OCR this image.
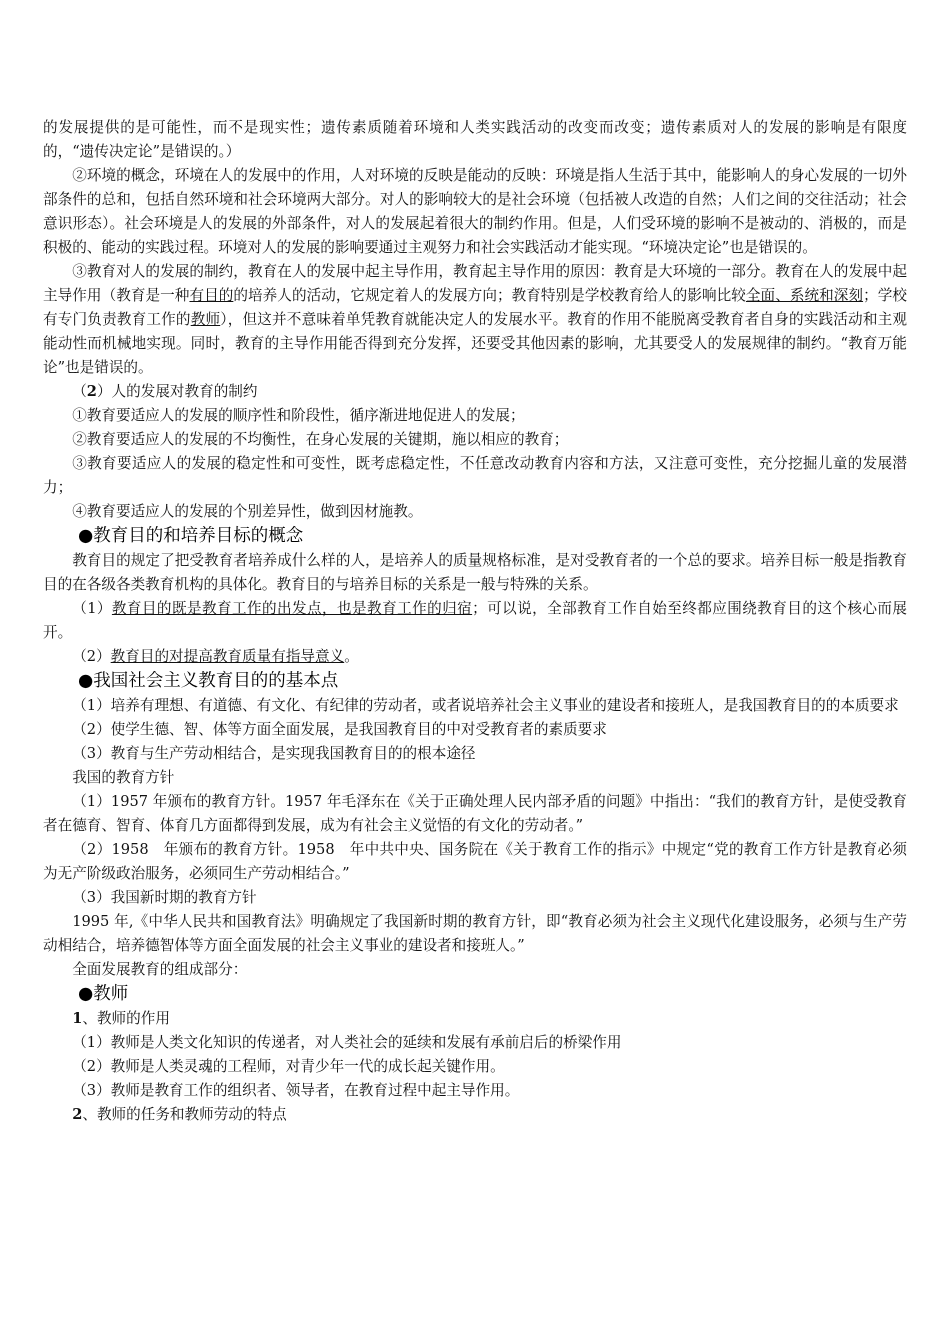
的发展提供的是可能性，而不是现实性；遗传素质随着环境和人类实践活动的改变而改变；遗传素质对人的发展的影响是有限度的，“遗传决定论”是错误的。）

②环境的概念，环境在人的发展中的作用，人对环境的反映是能动的反映：环境是指人生活于其中，能影响人的身心发展的一切外部条件的总和，包括自然环境和社会环境两大部分。对人的影响较大的是社会环境（包括被人改造的自然；人们之间的交往活动；社会意识形态）。社会环境是人的发展的外部条件，对人的发展起着很大的制约作用。但是，人们受环境的影响不是被动的、消极的，而是积极的、能动的实践过程。环境对人的发展的影响要通过主观努力和社会实践活动才能实现。“环境决定论”也是错误的。

③教育对人的发展的制约，教育在人的发展中起主导作用，教育起主导作用的原因：教育是大环境的一部分。教育在人的发展中起主导作用（教育是一种有目的的培养人的活动，它规定着人的发展方向；教育特别是学校教育给人的影响比较全面、系统和深刻；学校有专门负责教育工作的教师），但这并不意味着单凭教育就能决定人的发展水平。教育的作用不能脱离受教育者自身的实践活动和主观能动性而机械地实现。同时，教育的主导作用能否得到充分发挥，还要受其他因素的影响，尤其要受人的发展规律的制约。“教育万能论”也是错误的。

（2）人的发展对教育的制约

①教育要适应人的发展的顺序性和阶段性，循序渐进地促进人的发展；

②教育要适应人的发展的不均衡性，在身心发展的关键期，施以相应的教育；

③教育要适应人的发展的稳定性和可变性，既考虑稳定性，不任意改动教育内容和方法，又注意可变性，充分挖掘儿童的发展潜力；

④教育要适应人的发展的个别差异性，做到因材施教。

●教育目的和培养目标的概念

教育目的规定了把受教育者培养成什么样的人，是培养人的质量规格标准，是对受教育者的一个总的要求。培养目标一般是指教育目的在各级各类教育机构的具体化。教育目的与培养目标的关系是一般与特殊的关系。

（1）教育目的既是教育工作的出发点，也是教育工作的归宿；可以说，全部教育工作自始至终都应围绕教育目的这个核心而展开。

（2）教育目的对提高教育质量有指导意义。

●我国社会主义教育目的的基本点

（1）培养有理想、有道德、有文化、有纪律的劳动者，或者说培养社会主义事业的建设者和接班人，是我国教育目的的本质要求

（2）使学生德、智、体等方面全面发展，是我国教育目的中对受教育者的素质要求

（3）教育与生产劳动相结合，是实现我国教育目的的根本途径

我国的教育方针

（1）1957 年颁布的教育方针。1957 年毛泽东在《关于正确处理人民内部矛盾的问题》中指出：“我们的教育方针，是使受教育者在德育、智育、体育几方面都得到发展，成为有社会主义觉悟的有文化的劳动者。”

（2）1958　年颁布的教育方针。1958　年中共中央、国务院在《关于教育工作的指示》中规定“党的教育工作方针是教育必须为无产阶级政治服务，必须同生产劳动相结合。”

（3）我国新时期的教育方针

1995 年,《中华人民共和国教育法》明确规定了我国新时期的教育方针，即“教育必须为社会主义现代化建设服务，必须与生产劳动相结合，培养德智体等方面全面发展的社会主义事业的建设者和接班人。”

全面发展教育的组成部分：

●教师

1、教师的作用

（1）教师是人类文化知识的传递者，对人类社会的延续和发展有承前启后的桥梁作用

（2）教师是人类灵魂的工程师，对青少年一代的成长起关键作用。

（3）教师是教育工作的组织者、领导者，在教育过程中起主导作用。

2、教师的任务和教师劳动的特点
